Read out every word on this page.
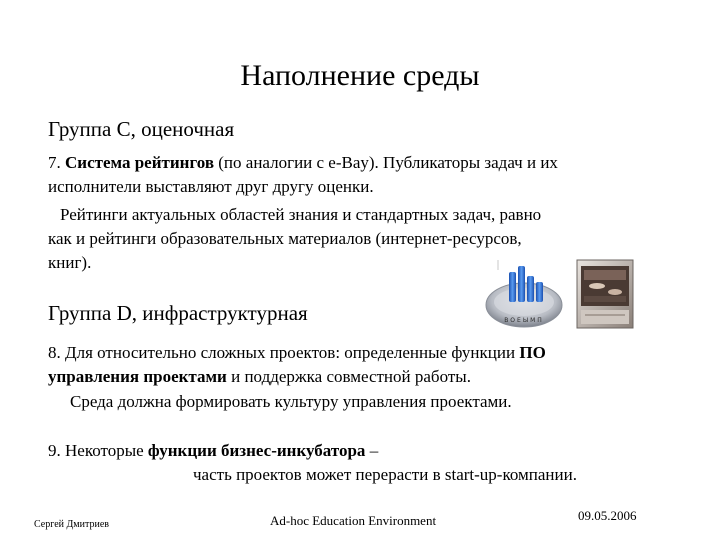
Наполнение среды
Группа С, оценочная
7. Система рейтингов (по аналогии с e-Bay). Публикаторы задач и их
исполнители выставляют друг другу оценки.
Рейтинги актуальных областей знания и стандартных задач, равно
как и рейтинги образовательных материалов (интернет-ресурсов,
книг).
ВОЕЫМП
Группа D, инфраструктурная
8. Для относительно сложных проектов: определенные функции ПО
управления проектами и поддержка совместной работы.
Среда должна формировать культуру управления проектами.
9. Некоторые функции бизнес-инкубатора –
часть проектов может перерасти в start-up-компании.
Сергей Дмитриев	Ad-hoc Education Environment	09.05.2006
